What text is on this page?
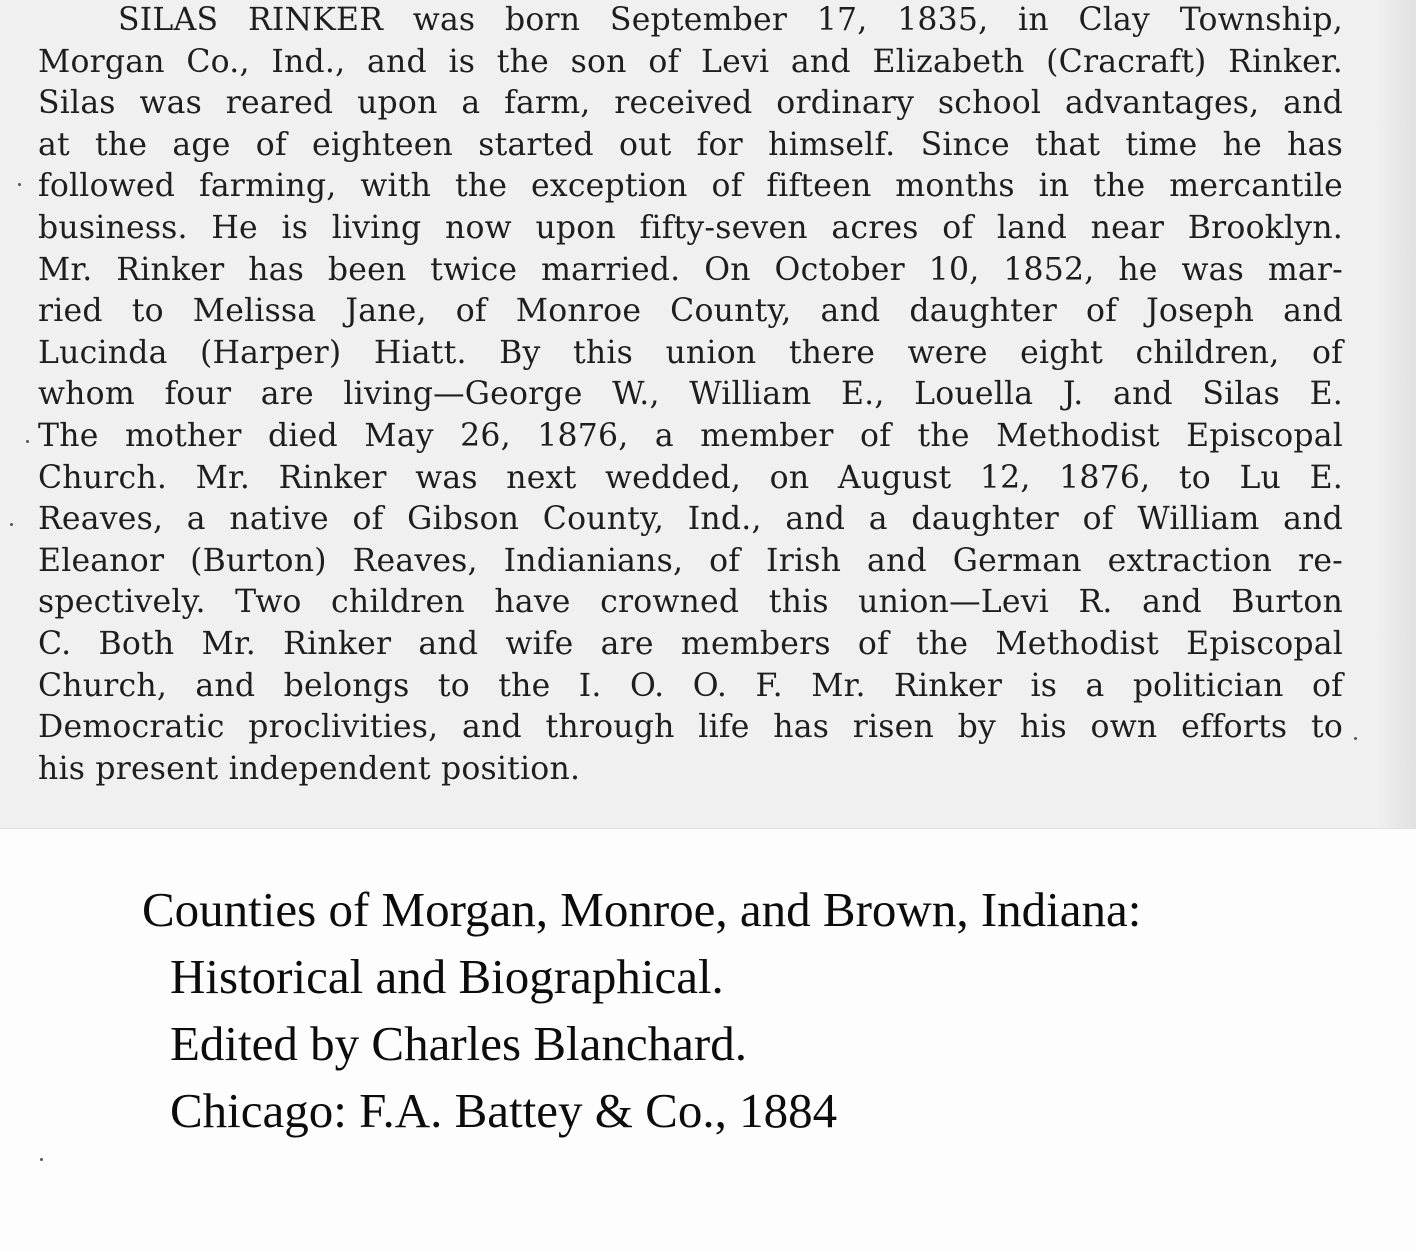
SILAS RINKER was born September 17, 1835, in Clay Township,
Morgan Co., Ind., and is the son of Levi and Elizabeth (Cracraft) Rinker.
Silas was reared upon a farm, received ordinary school advantages, and
at the age of eighteen started out for himself. Since that time he has
followed farming, with the exception of fifteen months in the mercantile
business. He is living now upon fifty-seven acres of land near Brooklyn.
Mr. Rinker has been twice married. On October 10, 1852, he was mar-
ried to Melissa Jane, of Monroe County, and daughter of Joseph and
Lucinda (Harper) Hiatt. By this union there were eight children, of
whom four are living—George W., William E., Louella J. and Silas E.
The mother died May 26, 1876, a member of the Methodist Episcopal
Church. Mr. Rinker was next wedded, on August 12, 1876, to Lu E.
Reaves, a native of Gibson County, Ind., and a daughter of William and
Eleanor (Burton) Reaves, Indianians, of Irish and German extraction re-
spectively. Two children have crowned this union—Levi R. and Burton
C. Both Mr. Rinker and wife are members of the Methodist Episcopal
Church, and belongs to the I. O. O. F. Mr. Rinker is a politician of
Democratic proclivities, and through life has risen by his own efforts to
his present independent position.
Counties of Morgan, Monroe, and Brown, Indiana:
Historical and Biographical.
Edited by Charles Blanchard.
Chicago: F.A. Battey & Co., 1884
